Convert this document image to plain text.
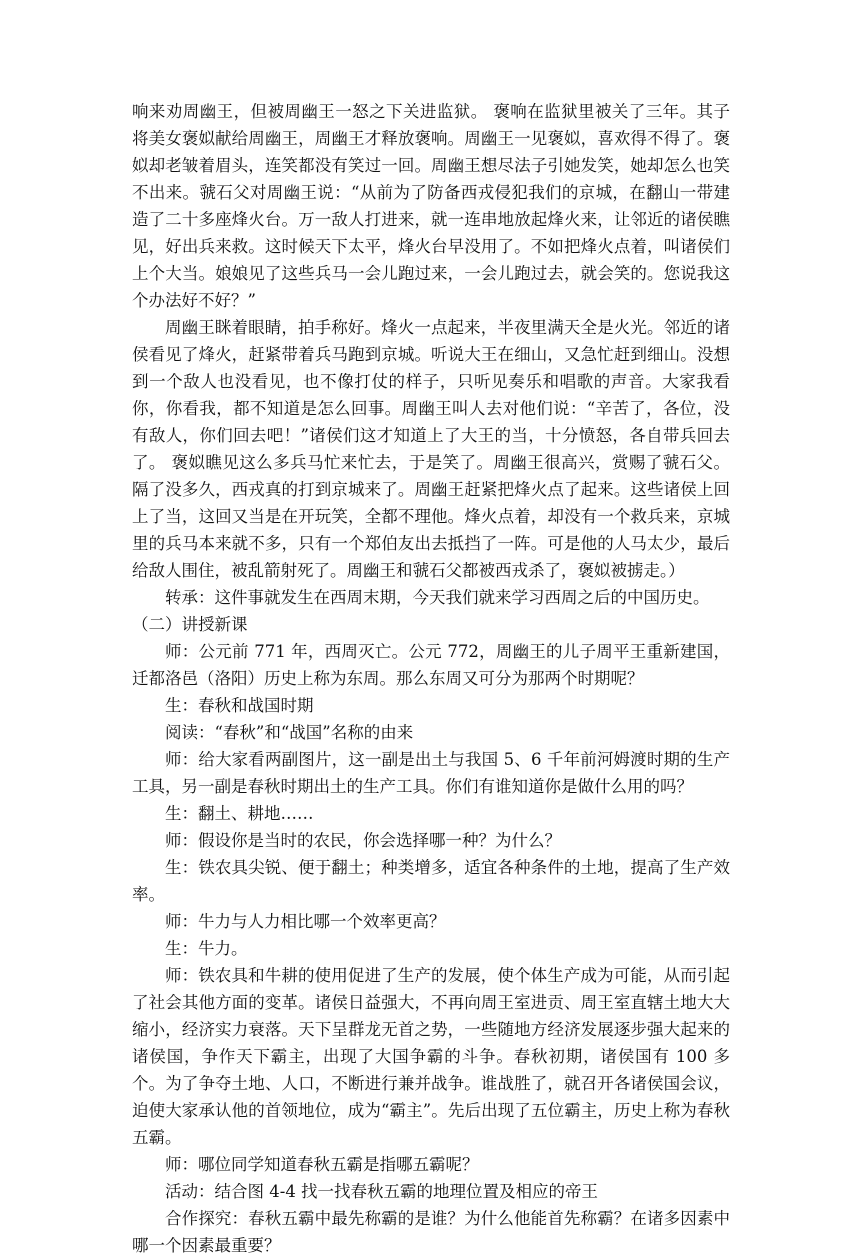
响来劝周幽王，但被周幽王一怒之下关进监狱。 褒响在监狱里被关了三年。其子将美女褒姒献给周幽王，周幽王才释放褒响。周幽王一见褒姒，喜欢得不得了。褒姒却老皱着眉头，连笑都没有笑过一回。周幽王想尽法子引她发笑，她却怎么也笑不出来。虢石父对周幽王说：“从前为了防备西戎侵犯我们的京城，在翻山一带建造了二十多座烽火台。万一敌人打进来，就一连串地放起烽火来，让邻近的诸侯瞧见，好出兵来救。这时候天下太平，烽火台早没用了。不如把烽火点着，叫诸侯们上个大当。娘娘见了这些兵马一会儿跑过来，一会儿跑过去，就会笑的。您说我这个办法好不好？”

周幽王眯着眼睛，拍手称好。烽火一点起来，半夜里满天全是火光。邻近的诸侯看见了烽火，赶紧带着兵马跑到京城。听说大王在细山，又急忙赶到细山。没想到一个敌人也没看见，也不像打仗的样子，只听见奏乐和唱歌的声音。大家我看你，你看我，都不知道是怎么回事。周幽王叫人去对他们说：“辛苦了，各位，没有敌人，你们回去吧！”诸侯们这才知道上了大王的当，十分愤怒，各自带兵回去了。 褒姒瞧见这么多兵马忙来忙去，于是笑了。周幽王很高兴，赏赐了虢石父。 隔了没多久，西戎真的打到京城来了。周幽王赶紧把烽火点了起来。这些诸侯上回上了当，这回又当是在开玩笑，全都不理他。烽火点着，却没有一个救兵来，京城里的兵马本来就不多，只有一个郑伯友出去抵挡了一阵。可是他的人马太少，最后给敌人围住，被乱箭射死了。周幽王和虢石父都被西戎杀了，褒姒被掳走。）

转承：这件事就发生在西周末期，今天我们就来学习西周之后的中国历史。

（二）讲授新课

师：公元前 771 年，西周灭亡。公元 772，周幽王的儿子周平王重新建国，迁都洛邑（洛阳）历史上称为东周。那么东周又可分为那两个时期呢？

生：春秋和战国时期

阅读：“春秋”和“战国”名称的由来

师：给大家看两副图片，这一副是出土与我国 5、6 千年前河姆渡时期的生产工具，另一副是春秋时期出土的生产工具。你们有谁知道你是做什么用的吗？

生：翻土、耕地……

师：假设你是当时的农民，你会选择哪一种？为什么？

生：铁农具尖锐、便于翻土；种类增多，适宜各种条件的土地，提高了生产效率。

师：牛力与人力相比哪一个效率更高？

生：牛力。

师：铁农具和牛耕的使用促进了生产的发展，使个体生产成为可能，从而引起了社会其他方面的变革。诸侯日益强大，不再向周王室进贡、周王室直辖土地大大缩小，经济实力衰落。天下呈群龙无首之势，一些随地方经济发展逐步强大起来的诸侯国，争作天下霸主，出现了大国争霸的斗争。春秋初期，诸侯国有 100 多个。为了争夺土地、人口，不断进行兼并战争。谁战胜了，就召开各诸侯国会议，迫使大家承认他的首领地位，成为“霸主”。先后出现了五位霸主，历史上称为春秋五霸。

师：哪位同学知道春秋五霸是指哪五霸呢？

活动：结合图 4-4 找一找春秋五霸的地理位置及相应的帝王

合作探究：春秋五霸中最先称霸的是谁？为什么他能首先称霸？在诸多因素中哪一个因素最重要？
